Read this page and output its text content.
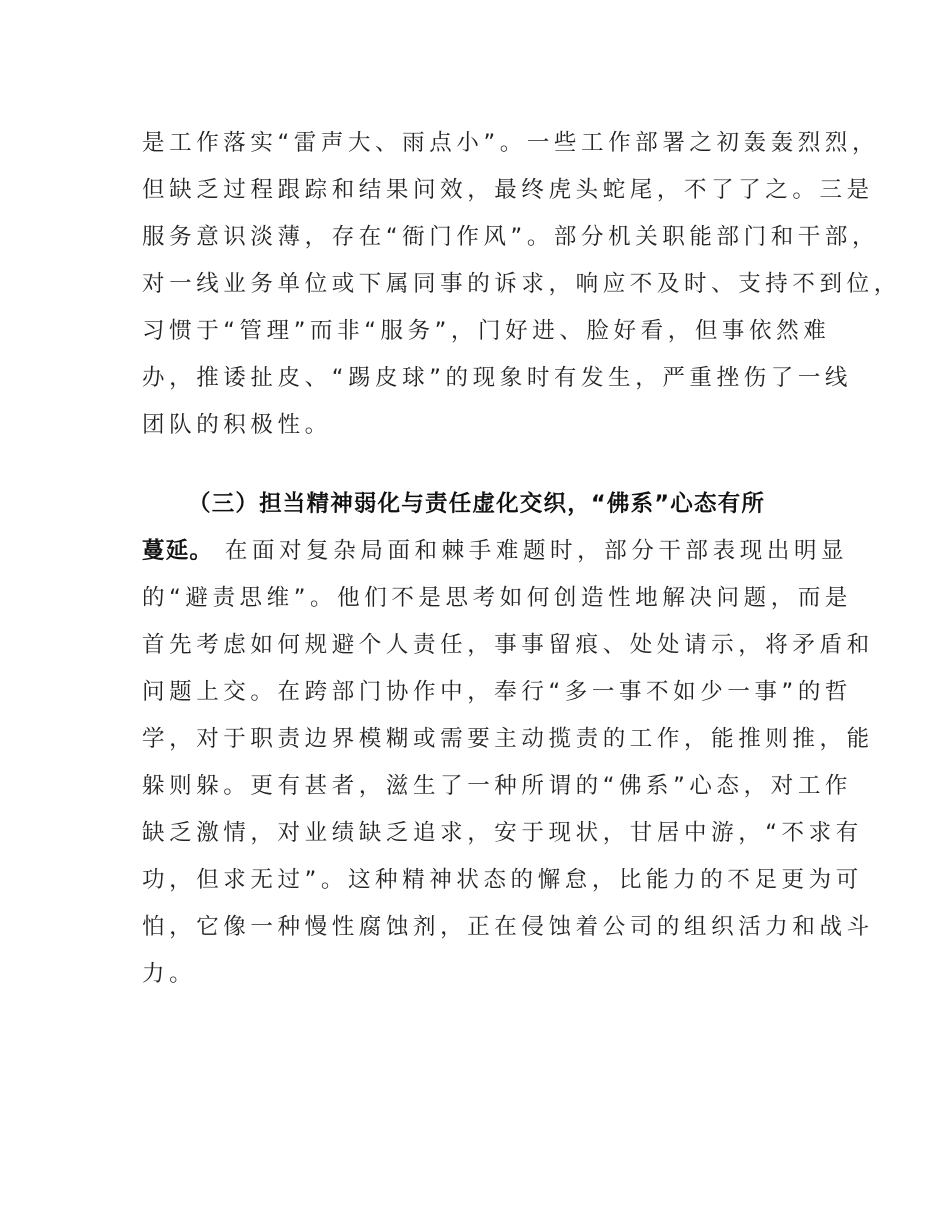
是工作落实“雷声大、雨点小”。一些工作部署之初轰轰烈烈，
但缺乏过程跟踪和结果问效，最终虎头蛇尾，不了了之。三是
服务意识淡薄，存在“衙门作风”。部分机关职能部门和干部，
对一线业务单位或下属同事的诉求，响应不及时、支持不到位，
习惯于“管理”而非“服务”，门好进、脸好看，但事依然难
办，推诿扯皮、“踢皮球”的现象时有发生，严重挫伤了一线
团队的积极性。
（三）担当精神弱化与责任虚化交织，“佛系”心态有所
蔓延。 在面对复杂局面和棘手难题时，部分干部表现出明显
的“避责思维”。他们不是思考如何创造性地解决问题，而是
首先考虑如何规避个人责任，事事留痕、处处请示，将矛盾和
问题上交。在跨部门协作中，奉行“多一事不如少一事”的哲
学，对于职责边界模糊或需要主动揽责的工作，能推则推，能
躲则躲。更有甚者，滋生了一种所谓的“佛系”心态，对工作
缺乏激情，对业绩缺乏追求，安于现状，甘居中游，“不求有
功，但求无过”。这种精神状态的懈怠，比能力的不足更为可
怕，它像一种慢性腐蚀剂，正在侵蚀着公司的组织活力和战斗
力。
